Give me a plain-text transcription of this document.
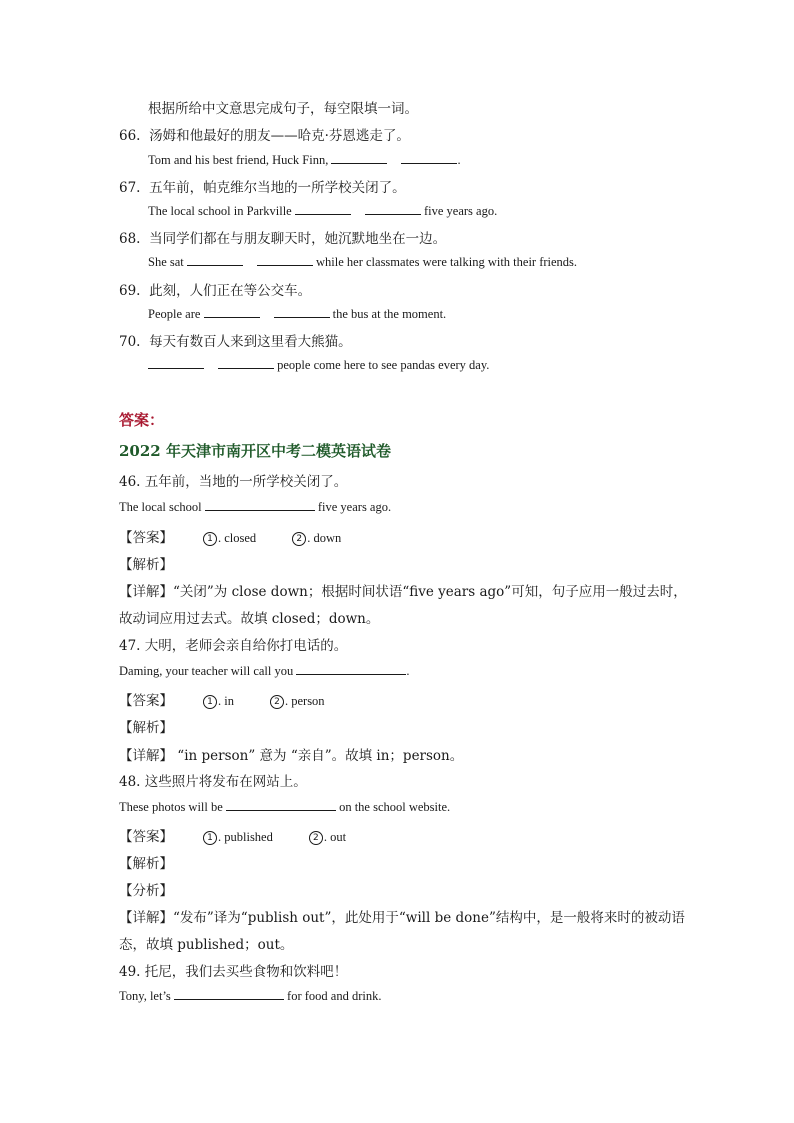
根据所给中文意思完成句子，每空限填一词。
66. 汤姆和他最好的朋友——哈克·芬恩逃走了。
Tom and his best friend, Huck Finn,	.
67. 五年前，帕克维尔当地的一所学校关闭了。
The local school in Parkville	five years ago.
68. 当同学们都在与朋友聊天时，她沉默地坐在一边。
She sat	while her classmates were talking with their friends.
69. 此刻，人们正在等公交车。
People are	the bus at the moment.
70. 每天有数百人来到这里看大熊猫。
people come here to see pandas every day.
答案：
2022 年天津市南开区中考二模英语试卷
46. 五年前，当地的一所学校关闭了。
The local school	five years ago.
【答案】	1 . closed	2 . down
【解析】
【详解】“关闭”为 close down；根据时间状语“five years ago”可知，句子应用一般过去时，
故动词应用过去式。故填 closed；down。
47. 大明，老师会亲自给你打电话的。
Daming, your teacher will call you	.
【答案】	1 . in	2 . person
【解析】
【详解】 “in person” 意为 “亲自”。故填 in；person。
48. 这些照片将发布在网站上。
These photos will be	on the school website.
【答案】	1 . published	2 . out
【解析】
【分析】
【详解】“发布”译为“publish out”，此处用于“will be done”结构中，是一般将来时的被动语
态，故填 published；out。
49. 托尼，我们去买些食物和饮料吧！
Tony, let’s	for food and drink.
